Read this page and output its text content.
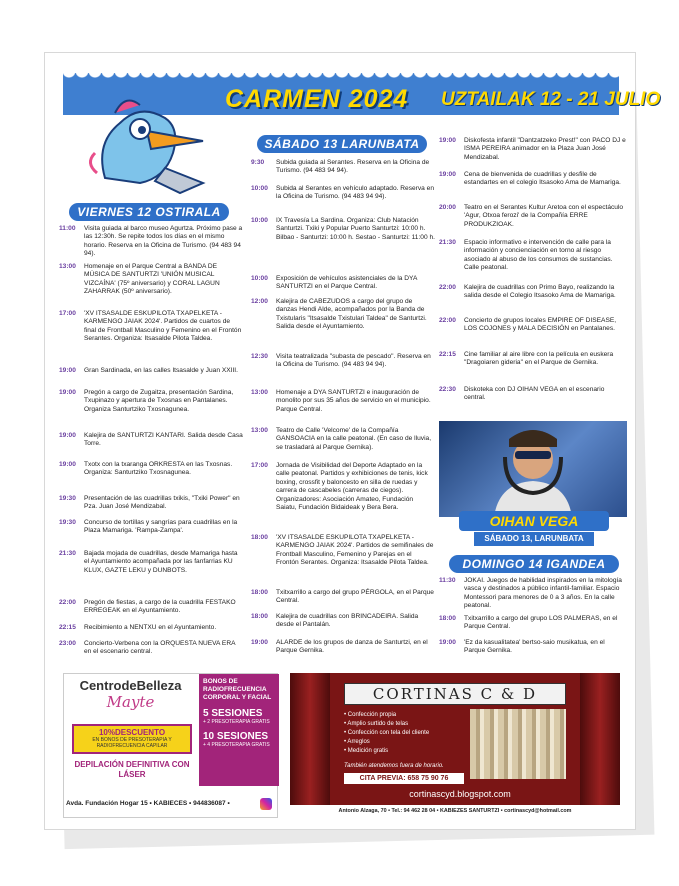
CARMEN 2024 UZTAILAK 12 - 21 JULIO
VIERNES 12 OSTIRALA
11:00	Visita guiada al barco museo Agurtza. Próximo pase a las 12:30h. Se repite todos los días en el mismo horario. Reserva en la Oficina de Turismo. (94 483 94 94).
13:00	Homenaje en el Parque Central a BANDA DE MÚSICA DE SANTURTZI 'UNIÓN MUSICAL VIZCAÍNA' (75º aniversario) y CORAL LAGUN ZAHARRAK (50º aniversario).
17:00	'XV ITSASALDE ESKUPILOTA TXAPELKETA - KARMENGO JAIAK 2024'. Partidos de cuartos de final de Frontball Masculino y Femenino en el Frontón Serantes. Organiza: Itsasalde Pilota Taldea.
19:00	Gran Sardinada, en las calles Itsasalde y Juan XXIII.
19:00	Pregón a cargo de Zugaitza, presentación Sardina, Txupinazo y apertura de Txosnas en Pantalanes. Organiza Santurtziko Txosnagunea.
19:00	Kalejira de SANTURTZI KANTARI. Salida desde Casa Torre.
19:00	Txotx con la txaranga ORKRESTA en las Txosnas. Organiza: Santurtziko Txosnagunea.
19:30	Presentación de las cuadrillas txikis, "Txiki Power" en Pza. Juan José Mendizabal.
19:30	Concurso de tortillas y sangrías para cuadrillas en la Plaza Mamariga. 'Rampa-Zampa'.
21:30	Bajada mojada de cuadrillas, desde Mamariga hasta el Ayuntamiento acompañada por las fanfarrias KU KLUX, GAZTE LEKU y DUNBOTS.
22:00	Pregón de fiestas, a cargo de la cuadrilla FESTAKO ERREGEAK en el Ayuntamiento.
22:15	Recibimiento a NENTXU en el Ayuntamiento.
23:00	Concierto-Verbena con la ORQUESTA NUEVA ERA en el escenario central.
SÁBADO 13 LARUNBATA
9:30	Subida guiada al Serantes. Reserva en la Oficina de Turismo. (94 483 94 94).
10:00	Subida al Serantes en vehículo adaptado. Reserva en la Oficina de Turismo. (94 483 94 94).
10:00	IX Travesía La Sardina. Organiza: Club Natación Santurtzi. Txiki y Popular Puerto Santurtzi: 10:00 h. Bilbao - Santurtzi: 10:00 h. Sestao - Santurtzi: 11:00 h.
10:00	Exposición de vehículos asistenciales de la DYA SANTURTZI en el Parque Central.
12:00	Kalejira de CABEZUDOS a cargo del grupo de danzas Hendi Alde, acompañados por la Banda de Txistularis "Itsasalde Txistulari Taldea" de Santurtzi. Salida desde el Ayuntamiento.
12:30	Visita teatralizada "subasta de pescado". Reserva en la Oficina de Turismo. (94 483 94 94).
13:00	Homenaje a DYA SANTURTZI e inauguración de monolito por sus 35 años de servicio en el municipio. Parque Central.
13:00	Teatro de Calle 'Velcome' de la Compañía GANSOACIA en la calle peatonal. (En caso de lluvia, se trasladará al Parque Gernika).
17:00	Jornada de Visibilidad del Deporte Adaptado en la calle peatonal. Partidos y exhibiciones de tenis, kick boxing, crossfit y baloncesto en silla de ruedas y carrera de cascabeles (carreras de ciegos). Organizadores: Asociación Amateo, Fundación Saiatu, Fundación Bidaideak y Bera Bera.
18:00	'XV ITSASALDE ESKUPILOTA TXAPELKETA - KARMENGO JAIAK 2024'. Partidos de semifinales de Frontball Masculino, Femenino y Parejas en el Frontón Serantes. Organiza: Itsasalde Pilota Taldea.
18:00	Txitxarrillo a cargo del grupo PÉRGOLA, en el Parque Central.
18:00	Kalejira de cuadrillas con BRINCADEIRA. Salida desde el Pantalán.
19:00	ALARDE de los grupos de danza de Santurtzi, en el Parque Gernika.
19:00	Diskofesta infantil "Dantzatzeko Prest!" con PACO DJ e ISMA PEREIRA animador en la Plaza Juan José Mendizabal.
19:00	Cena de bienvenida de cuadrillas y desfile de estandartes en el colegio Itsasoko Ama de Mamariga.
20:00	Teatro en el Serantes Kultur Aretoa con el espectáculo 'Agur, Otxoa ferozi' de la Compañía ERRE PRODUKZIOAK.
21:30	Espacio informativo e intervención de calle para la información y concienciación en torno al riesgo asociado al abuso de los consumos de sustancias. Calle peatonal.
22:00	Kalejira de cuadrillas con Primo Bayo, realizando la salida desde el Colegio Itsasoko Ama de Mamariga.
22:00	Concierto de grupos locales EMPIRE OF DISEASE, LOS COJONES y MALA DECISIÓN en Pantalanes.
22:15	Cine familiar al aire libre con la película en euskera "Dragoiaren gideria" en el Parque de Gernika.
22:30	Diskoteka con DJ OIHAN VEGA en el escenario central.
OIHAN VEGA
SÁBADO 13, LARUNBATA
DOMINGO 14 IGANDEA
11:30	JOKAI. Juegos de habilidad inspirados en la mitología vasca y destinados a público infantil-familiar. Espacio Montessori para menores de 0 a 3 años. En la calle peatonal.
18:00	Txitxarrillo a cargo del grupo LOS PALMERAS, en el Parque Central.
19:00	'Ez da kasualitatea' bertso-saio musikatua, en el Parque Gernika.
CentrodeBelleza
Mayte
BONOS DE RADIOFRECUENCIA CORPORAL Y FACIAL
5 SESIONES
+ 2 PRESOTERAPIA GRATIS
10 SESIONES
+ 4 PRESOTERAPIA GRATIS
10%DESCUENTO
EN BONOS DE PRESOTERAPIA Y RADIOFRECUENCIA CAPILAR
DEPILACIÓN DEFINITIVA CON LÁSER
Avda. Fundación Hogar 15 • KABIECES • 944836087 •
CORTINAS C & D
• Confección propia
• Amplio surtido de telas
• Confección con tela del cliente
• Arreglos
• Medición gratis
También atendemos fuera de horario.
CITA PREVIA: 658 75 90 76
cortinascyd.blogspot.com
Antonio Alzaga, 70 • Tel.: 94 462 28 04 • KABIEZES SANTURTZI • cortinascyd@hotmail.com
